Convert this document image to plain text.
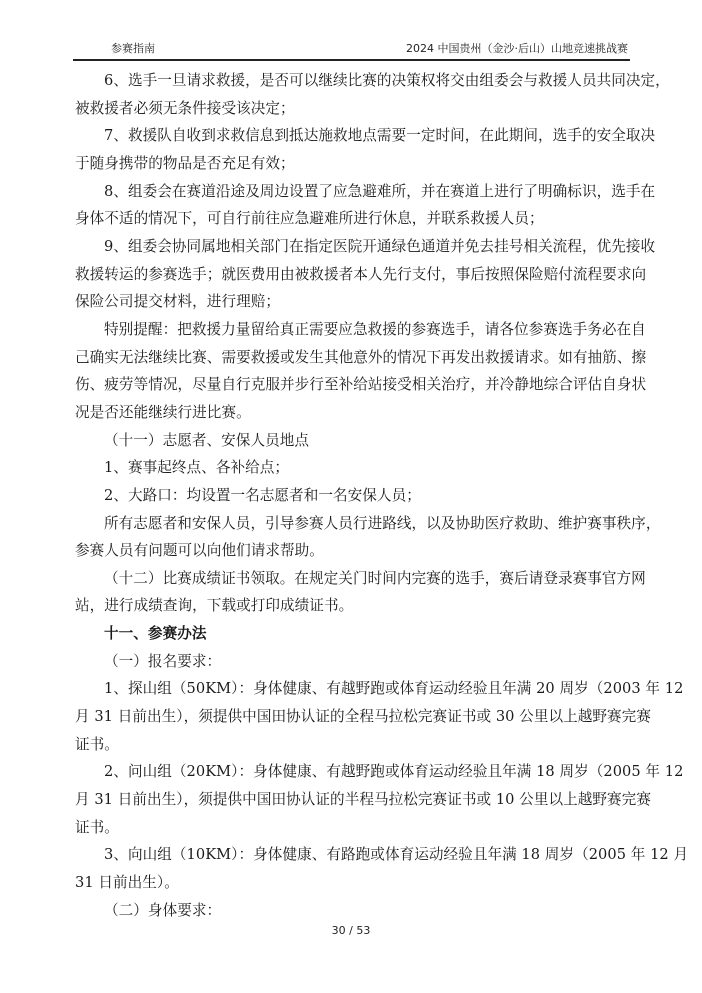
参赛指南	2024 中国贵州（金沙·后山）山地竞速挑战赛
6、选手一旦请求救援，是否可以继续比赛的决策权将交由组委会与救援人员共同决定，
被救援者必须无条件接受该决定；
7、救援队自收到求救信息到抵达施救地点需要一定时间，在此期间，选手的安全取决
于随身携带的物品是否充足有效；
8、组委会在赛道沿途及周边设置了应急避难所，并在赛道上进行了明确标识，选手在
身体不适的情况下，可自行前往应急避难所进行休息，并联系救援人员；
9、组委会协同属地相关部门在指定医院开通绿色通道并免去挂号相关流程，优先接收
救援转运的参赛选手；就医费用由被救援者本人先行支付，事后按照保险赔付流程要求向
保险公司提交材料，进行理赔；
特别提醒：把救援力量留给真正需要应急救援的参赛选手，请各位参赛选手务必在自
己确实无法继续比赛、需要救援或发生其他意外的情况下再发出救援请求。如有抽筋、擦
伤、疲劳等情况，尽量自行克服并步行至补给站接受相关治疗，并冷静地综合评估自身状
况是否还能继续行进比赛。
（十一）志愿者、安保人员地点
1、赛事起终点、各补给点；
2、大路口：均设置一名志愿者和一名安保人员；
所有志愿者和安保人员，引导参赛人员行进路线，以及协助医疗救助、维护赛事秩序，
参赛人员有问题可以向他们请求帮助。
（十二）比赛成绩证书领取。在规定关门时间内完赛的选手，赛后请登录赛事官方网
站，进行成绩查询，下载或打印成绩证书。
十一、参赛办法
（一）报名要求：
1、探山组（50KM）：身体健康、有越野跑或体育运动经验且年满 20 周岁（2003 年 12
月 31 日前出生），须提供中国田协认证的全程马拉松完赛证书或 30 公里以上越野赛完赛
证书。
2、问山组（20KM）：身体健康、有越野跑或体育运动经验且年满 18 周岁（2005 年 12
月 31 日前出生），须提供中国田协认证的半程马拉松完赛证书或 10 公里以上越野赛完赛
证书。
3、向山组（10KM）：身体健康、有路跑或体育运动经验且年满 18 周岁（2005 年 12 月
31 日前出生）。
（二）身体要求：
30 / 53
